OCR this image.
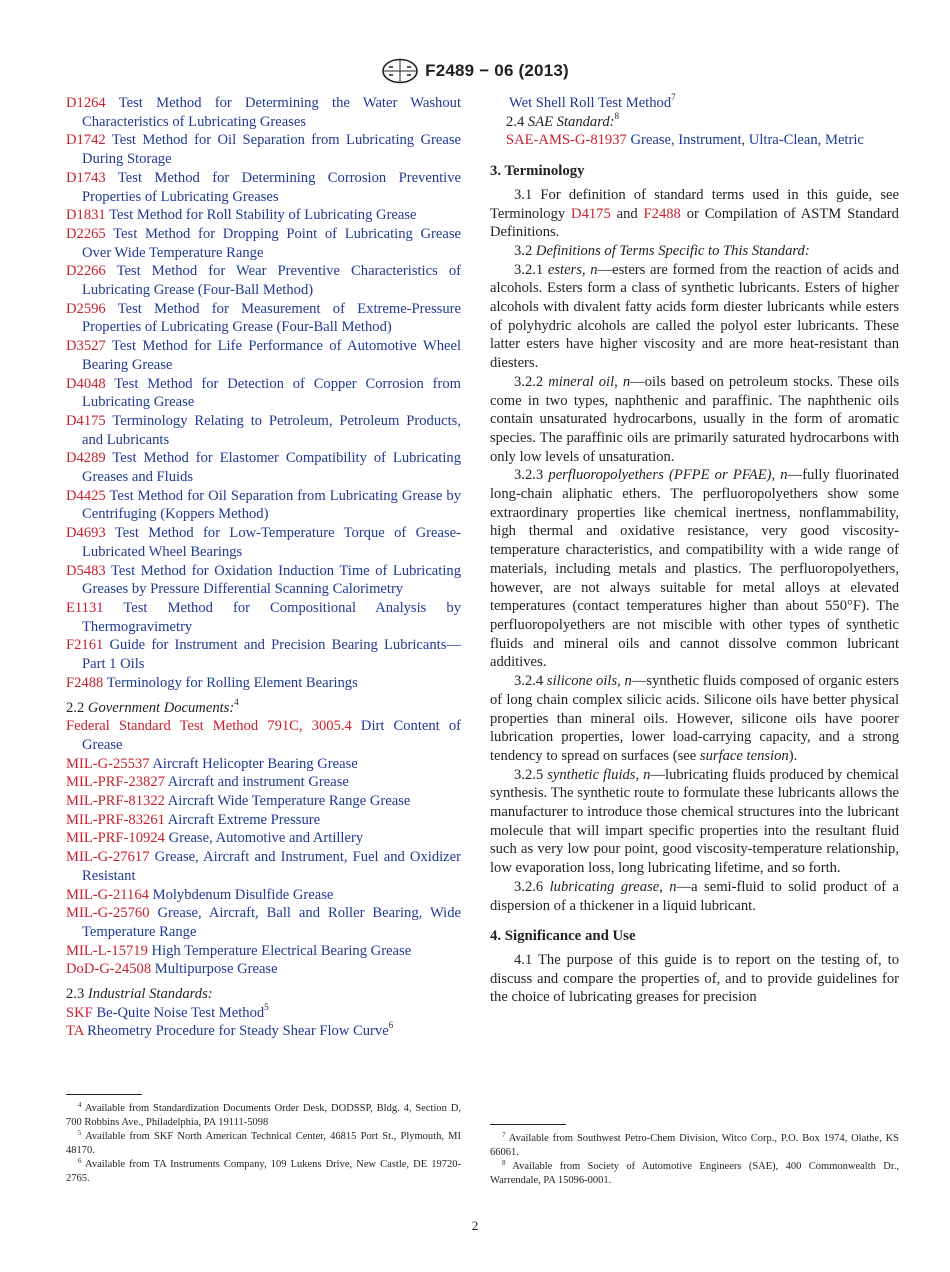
F2489 − 06 (2013)
D1264 Test Method for Determining the Water Washout Characteristics of Lubricating Greases
D1742 Test Method for Oil Separation from Lubricating Grease During Storage
D1743 Test Method for Determining Corrosion Preventive Properties of Lubricating Greases
D1831 Test Method for Roll Stability of Lubricating Grease
D2265 Test Method for Dropping Point of Lubricating Grease Over Wide Temperature Range
D2266 Test Method for Wear Preventive Characteristics of Lubricating Grease (Four-Ball Method)
D2596 Test Method for Measurement of Extreme-Pressure Properties of Lubricating Grease (Four-Ball Method)
D3527 Test Method for Life Performance of Automotive Wheel Bearing Grease
D4048 Test Method for Detection of Copper Corrosion from Lubricating Grease
D4175 Terminology Relating to Petroleum, Petroleum Products, and Lubricants
D4289 Test Method for Elastomer Compatibility of Lubricating Greases and Fluids
D4425 Test Method for Oil Separation from Lubricating Grease by Centrifuging (Koppers Method)
D4693 Test Method for Low-Temperature Torque of Grease-Lubricated Wheel Bearings
D5483 Test Method for Oxidation Induction Time of Lubricating Greases by Pressure Differential Scanning Calorimetry
E1131 Test Method for Compositional Analysis by Thermogravimetry
F2161 Guide for Instrument and Precision Bearing Lubricants—Part 1 Oils
F2488 Terminology for Rolling Element Bearings
2.2 Government Documents:$^4$
Federal Standard Test Method 791C, 3005.4 Dirt Content of Grease
MIL-G-25537 Aircraft Helicopter Bearing Grease
MIL-PRF-23827 Aircraft and instrument Grease
MIL-PRF-81322 Aircraft Wide Temperature Range Grease
MIL-PRF-83261 Aircraft Extreme Pressure
MIL-PRF-10924 Grease, Automotive and Artillery
MIL-G-27617 Grease, Aircraft and Instrument, Fuel and Oxidizer Resistant
MIL-G-21164 Molybdenum Disulfide Grease
MIL-G-25760 Grease, Aircraft, Ball and Roller Bearing, Wide Temperature Range
MIL-L-15719 High Temperature Electrical Bearing Grease
DoD-G-24508 Multipurpose Grease
2.3 Industrial Standards:
SKF Be-Quite Noise Test Method$^5$
TA Rheometry Procedure for Steady Shear Flow Curve$^6$
Wet Shell Roll Test Method$^7$
2.4 SAE Standard:$^8$
SAE-AMS-G-81937 Grease, Instrument, Ultra-Clean, Metric
3. Terminology

3.1 For definition of standard terms used in this guide, see Terminology D4175 and F2488 or Compilation of ASTM Standard Definitions.

3.2 Definitions of Terms Specific to This Standard:

3.2.1 esters, n—esters are formed from the reaction of acids and alcohols. Esters form a class of synthetic lubricants. Esters of higher alcohols with divalent fatty acids form diester lubricants while esters of polyhydric alcohols are called the polyol ester lubricants. These latter esters have higher viscosity and are more heat-resistant than diesters.

3.2.2 mineral oil, n—oils based on petroleum stocks. These oils come in two types, naphthenic and paraffinic. The naphthenic oils contain unsaturated hydrocarbons, usually in the form of aromatic species. The paraffinic oils are primarily saturated hydrocarbons with only low levels of unsaturation.

3.2.3 perfluoropolyethers (PFPE or PFAE), n—fully fluorinated long-chain aliphatic ethers. The perfluoropolyethers show some extraordinary properties like chemical inertness, nonflammability, high thermal and oxidative resistance, very good viscosity-temperature characteristics, and compatibility with a wide range of materials, including metals and plastics. The perfluoropolyethers, however, are not always suitable for metal alloys at elevated temperatures (contact temperatures higher than about 550°F). The perfluoropolyethers are not miscible with other types of synthetic fluids and mineral oils and cannot dissolve common lubricant additives.

3.2.4 silicone oils, n—synthetic fluids composed of organic esters of long chain complex silicic acids. Silicone oils have better physical properties than mineral oils. However, silicone oils have poorer lubrication properties, lower load-carrying capacity, and a strong tendency to spread on surfaces (see surface tension).

3.2.5 synthetic fluids, n—lubricating fluids produced by chemical synthesis. The synthetic route to formulate these lubricants allows the manufacturer to introduce those chemical structures into the lubricant molecule that will impart specific properties into the resultant fluid such as very low pour point, good viscosity-temperature relationship, low evaporation loss, long lubricating lifetime, and so forth.

3.2.6 lubricating grease, n—a semi-fluid to solid product of a dispersion of a thickener in a liquid lubricant.

4. Significance and Use

4.1 The purpose of this guide is to report on the testing of, to discuss and compare the properties of, and to provide guidelines for the choice of lubricating greases for precision

$^4$ Available from Standardization Documents Order Desk, DODSSP, Bldg. 4, Section D, 700 Robbins Ave., Philadelphia, PA 19111-5098
$^5$ Available from SKF North American Technical Center, 46815 Port St., Plymouth, MI 48170.
$^6$ Available from TA Instruments Company, 109 Lukens Drive, New Castle, DE 19720-2765.
$^7$ Available from Southwest Petro-Chem Division, Witco Corp., P.O. Box 1974, Olathe, KS 66061.
$^8$ Available from Society of Automotive Engineers (SAE), 400 Commonwealth Dr., Warrendale, PA 15096-0001.
2
